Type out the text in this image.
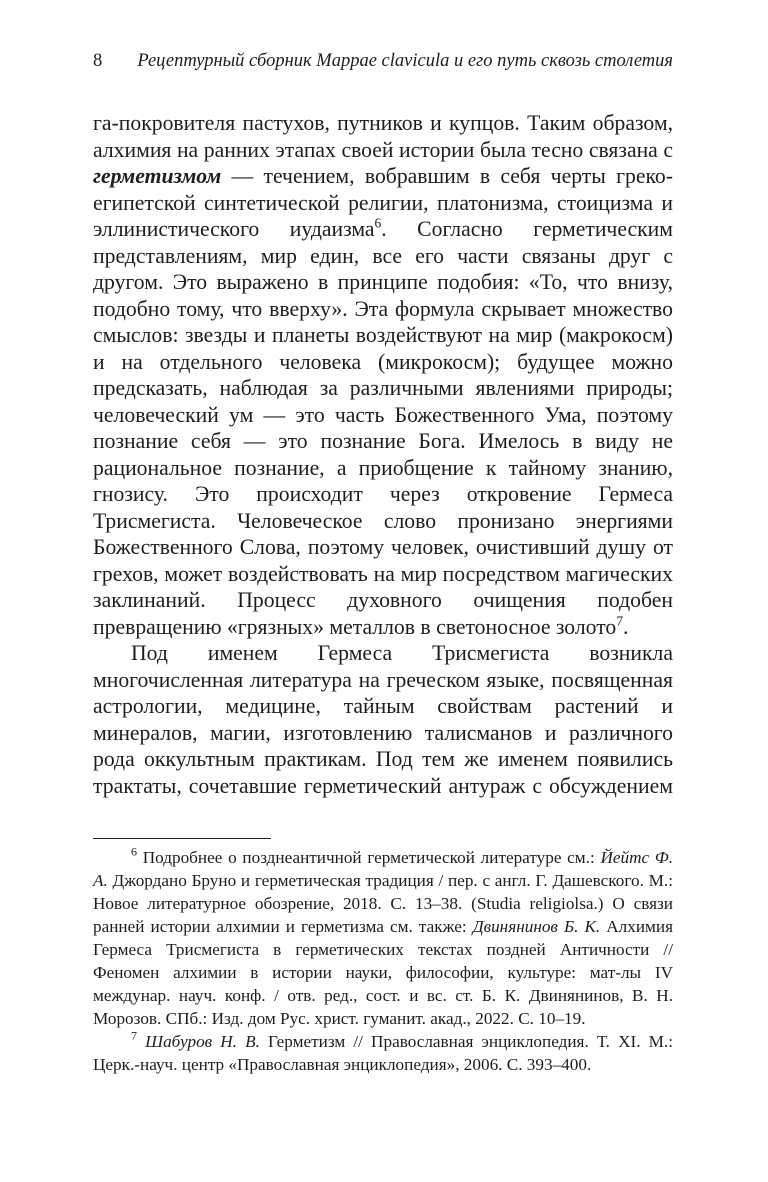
8 Рецептурный сборник Mappae clavicula и его путь сквозь столетия

га-покровителя пастухов, путников и купцов. Таким образом, алхимия на ранних этапах своей истории была тесно связана с герметизмом — течением, вобравшим в себя черты греко-египетской синтетической религии, платонизма, стоицизма и эллинистического иудаизма$^6$. Согласно герметическим представлениям, мир един, все его части связаны друг с другом. Это выражено в принципе подобия: «То, что внизу, подобно тому, что вверху». Эта формула скрывает множество смыслов: звезды и планеты воздействуют на мир (макрокосм) и на отдельного человека (микрокосм); будущее можно предсказать, наблюдая за различными явлениями природы; человеческий ум — это часть Божественного Ума, поэтому познание себя — это познание Бога. Имелось в виду не рациональное познание, а приобщение к тайному знанию, гнозису. Это происходит через откровение Гермеса Трисмегиста. Человеческое слово пронизано энергиями Божественного Слова, поэтому человек, очистивший душу от грехов, может воздействовать на мир посредством магических заклинаний. Процесс духовного очищения подобен превращению «грязных» металлов в светоносное золото$^7$.

Под именем Гермеса Трисмегиста возникла многочисленная литература на греческом языке, посвященная астрологии, медицине, тайным свойствам растений и минералов, магии, изготовлению талисманов и различного рода оккультным практикам. Под тем же именем появились трактаты, сочетавшие герметический антураж с обсуждением

$^6$ Подробнее о позднеантичной герметической литературе см.: Йейтс Ф. А. Джордано Бруно и герметическая традиция / пер. с англ. Г. Дашевского. М.: Новое литературное обозрение, 2018. С. 13–38. (Studia religiolsa.) О связи ранней истории алхимии и герметизма см. также: Двинянинов Б. К. Алхимия Гермеса Трисмегиста в герметических текстах поздней Античности // Феномен алхимии в истории науки, философии, культуре: мат-лы IV междунар. науч. конф. / отв. ред., сост. и вс. ст. Б. К. Двинянинов, В. Н. Морозов. СПб.: Изд. дом Рус. христ. гуманит. акад., 2022. С. 10–19.

$^7$ Шабуров Н. В. Герметизм // Православная энциклопедия. Т. XI. М.: Церк.-науч. центр «Православная энциклопедия», 2006. С. 393–400.
